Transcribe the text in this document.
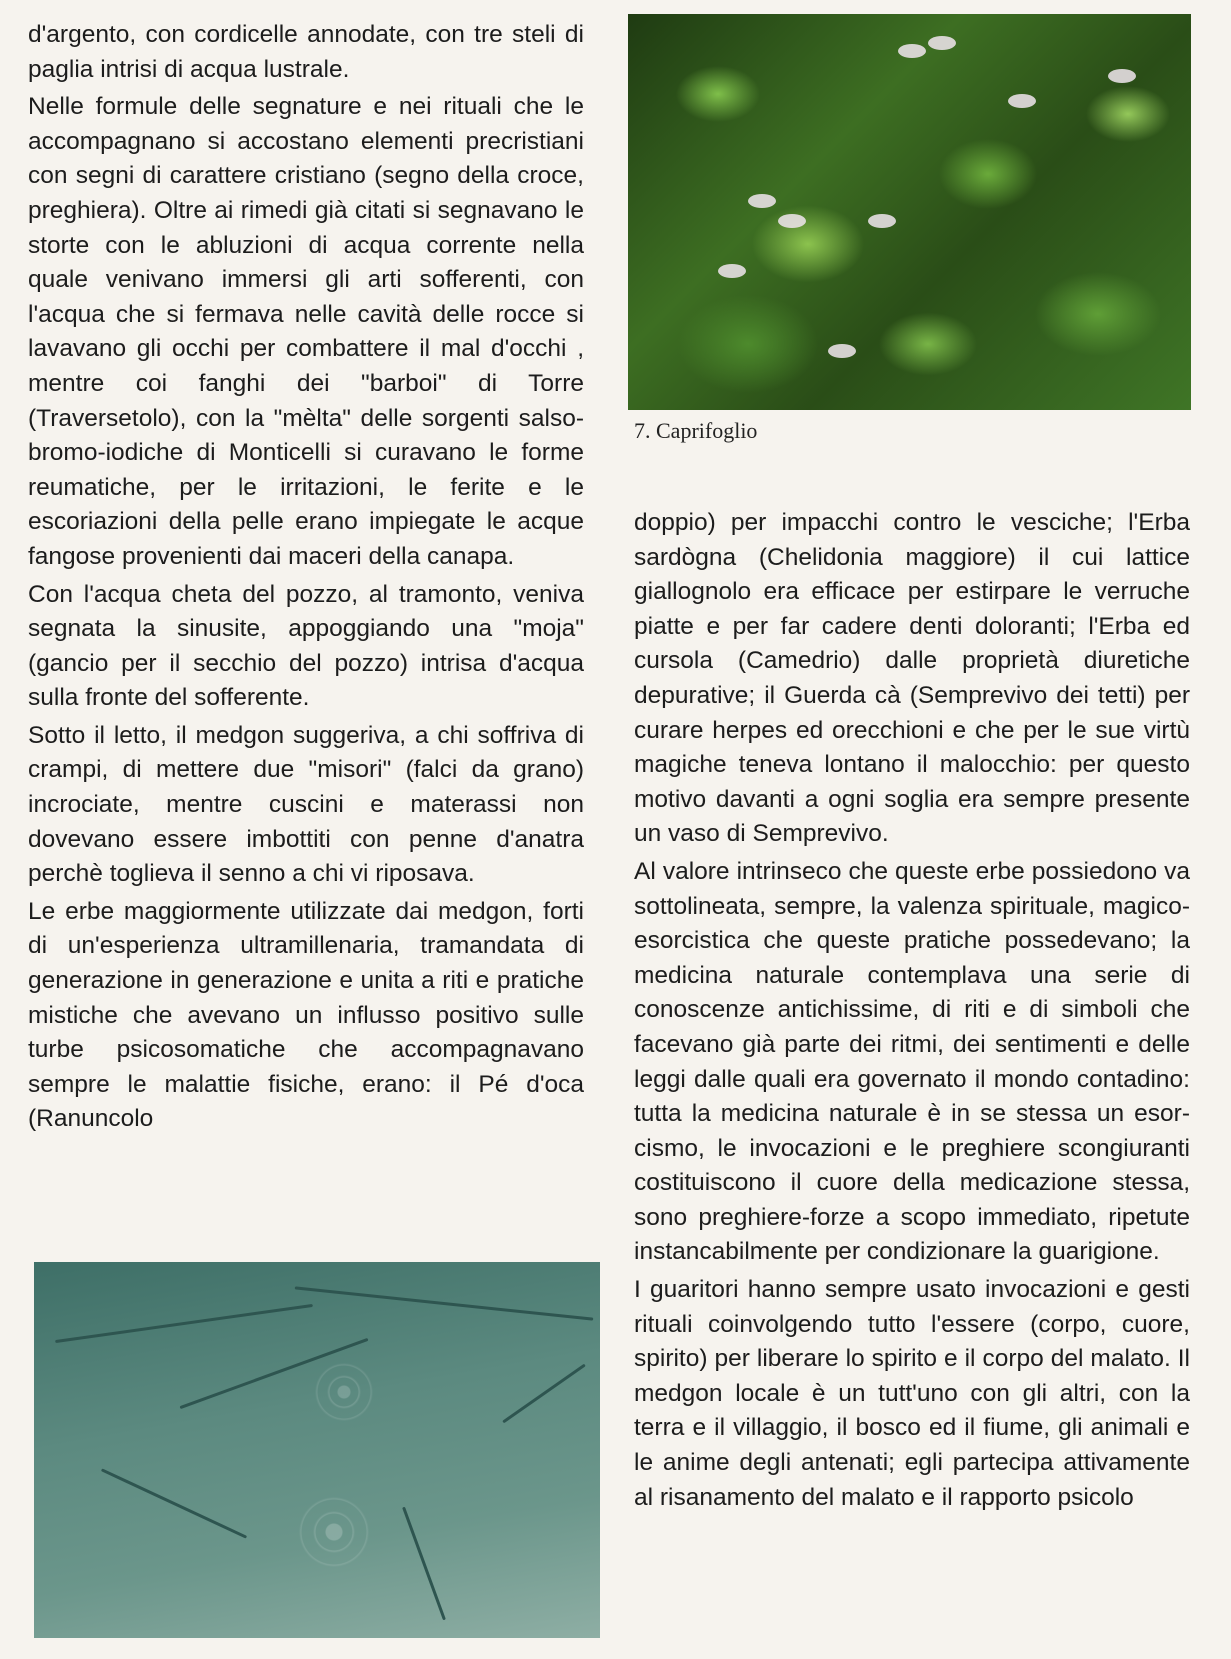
d'argento, con cordicelle annodate, con tre steli di paglia intrisi di acqua lustrale.

Nelle formule delle segnature e nei rituali che le accompagnano si accostano elementi precristiani con segni di carattere cristiano (segno della croce, preghiera). Oltre ai rimedi già citati si segnavano le storte con le abluzioni di acqua corrente nella quale venivano immersi gli arti sofferenti, con l'acqua che si fermava nelle cavità delle rocce si lavavano gli occhi per combattere il mal d'occhi , mentre coi fanghi dei "barboi" di Torre (Traversetolo), con la "mèlta" delle sorgenti salso-bromo-iodiche di Monticelli si curavano le forme reumatiche, per le irritazioni, le ferite e le escoriazioni della pelle erano impiegate le acque fangose provenienti dai maceri della canapa.

Con l'acqua cheta del pozzo, al tramonto, veniva segnata la sinusite, appoggiando una "moja" (gancio per il secchio del pozzo) intrisa d'acqua sulla fronte del sofferente.

Sotto il letto, il medgon suggeriva, a chi soffriva di crampi, di mettere due "misori" (falci da grano) incrociate, mentre cuscini e materassi non dovevano essere imbottiti con penne d'anatra perchè toglieva il senno a chi vi riposava.

Le erbe maggiormente utilizzate dai medgon, forti di un'esperienza ultramillenaria, tramandata di generazione in generazione e unita a riti e pratiche mistiche che avevano un influsso positivo sulle turbe psicosomatiche che accompagnavano sempre le malattie fisiche, erano: il Pé d'oca (Ranuncolo

7. Caprifoglio

doppio) per impacchi contro le vesciche; l'Erba sardògna (Chelidonia maggiore) il cui lattice giallognolo era efficace per estirpare le verruche piatte e per far cadere denti doloranti; l'Erba ed cursola (Camedrio) dalle proprietà diuretiche depurative; il Guerda cà (Semprevivo dei tetti) per curare herpes ed orecchioni e che per le sue virtù magiche teneva lontano il malocchio: per questo motivo davanti a ogni soglia era sempre presente un vaso di Semprevivo.

Al valore intrinseco che queste erbe possiedono va sottolineata, sempre, la valenza spirituale, magico-esorcistica che queste pratiche possedevano; la medicina naturale contemplava una serie di conoscenze antichissime, di riti e di simboli che facevano già parte dei ritmi, dei sentimenti e delle leggi dalle quali era governato il mondo contadino: tutta la medicina naturale è in se stessa un esorcismo, le invocazioni e le preghiere scongiuranti costituiscono il cuore della medicazione stessa, sono preghiere-forze a scopo immediato, ripetute instancabilmente per condizionare la guarigione.

I guaritori hanno sempre usato invocazioni e gesti rituali coinvolgendo tutto l'essere (corpo, cuore, spirito) per liberare lo spirito e il corpo del malato. Il medgon locale è un tutt'uno con gli altri, con la terra e il villaggio, il bosco ed il fiume, gli animali e le anime degli antenati; egli partecipa attivamente al risanamento del malato e il rapporto psicolo
